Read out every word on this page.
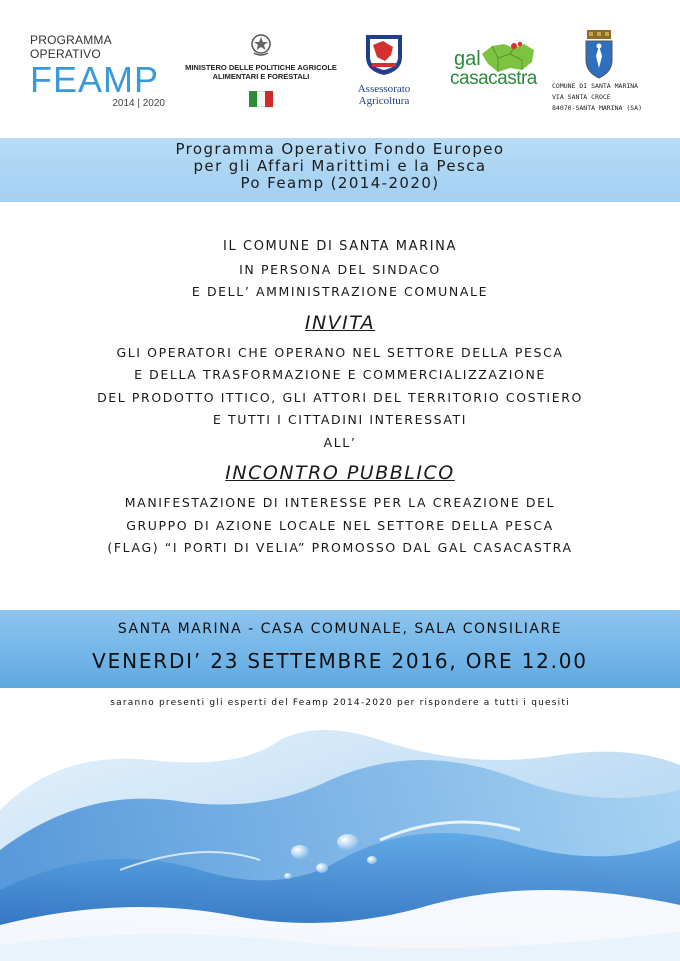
PROGRAMMA OPERATIVO
FEAMP
2014 | 2020
MINISTERO DELLE POLITICHE AGRICOLE
ALIMENTARI E FORESTALI
Assessorato Agricoltura
gal
casacastra COMUNE DI SANTA MARINA
VIA SANTA CROCE
84070-SANTA MARINA (SA)
Programma Operativo Fondo Europeo
per gli Affari Marittimi e la Pesca
Po Feamp (2014-2020)
IL COMUNE DI SANTA MARINA
IN PERSONA DEL SINDACO
E DELL’ AMMINISTRAZIONE COMUNALE
INVITA
GLI OPERATORI CHE OPERANO NEL SETTORE DELLA PESCA
E DELLA TRASFORMAZIONE E COMMERCIALIZZAZIONE
DEL PRODOTTO ITTICO, GLI ATTORI DEL TERRITORIO COSTIERO
E TUTTI I CITTADINI INTERESSATI
ALL’
INCONTRO PUBBLICO
MANIFESTAZIONE DI INTERESSE PER LA CREAZIONE DEL
GRUPPO DI AZIONE LOCALE NEL SETTORE DELLA PESCA
(FLAG) “I PORTI DI VELIA” PROMOSSO DAL GAL CASACASTRA
SANTA MARINA - CASA COMUNALE, SALA CONSILIARE
VENERDI’ 23 SETTEMBRE 2016, ORE 12.00
saranno presenti gli esperti del Feamp 2014-2020 per rispondere a tutti i quesiti
